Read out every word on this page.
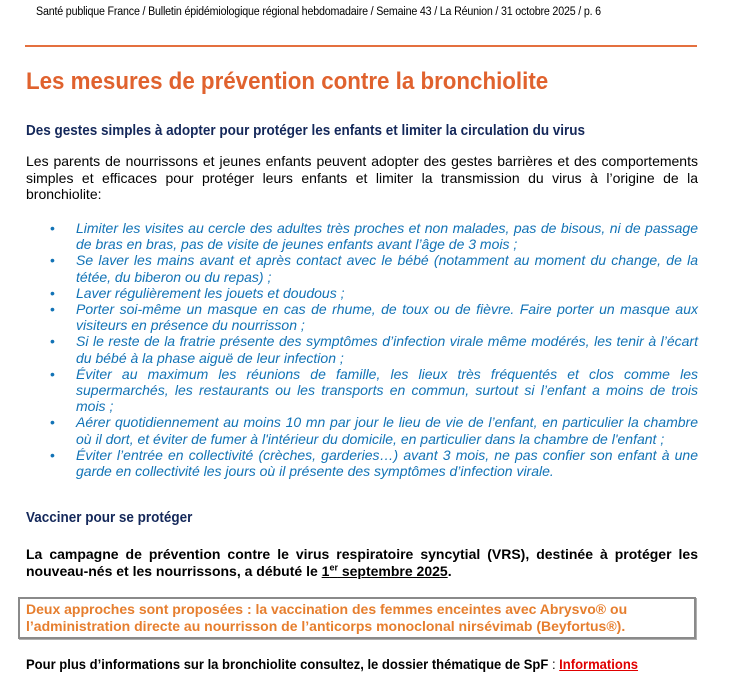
Santé publique France / Bulletin épidémiologique régional hebdomadaire / Semaine 43 / La Réunion / 31 octobre 2025 / p. 6
Les mesures de prévention contre la bronchiolite
Des gestes simples à adopter pour protéger les enfants et limiter la circulation du virus

Les parents de nourrissons et jeunes enfants peuvent adopter des gestes barrières et des comportements simples et efficaces pour protéger leurs enfants et limiter la transmission du virus à l’origine de la bronchiolite:

• Limiter les visites au cercle des adultes très proches et non malades, pas de bisous, ni de passage de bras en bras, pas de visite de jeunes enfants avant l’âge de 3 mois ;
• Se laver les mains avant et après contact avec le bébé (notamment au moment du change, de la tétée, du biberon ou du repas) ;
• Laver régulièrement les jouets et doudous ;
• Porter soi-même un masque en cas de rhume, de toux ou de fièvre. Faire porter un masque aux visiteurs en présence du nourrisson ;
• Si le reste de la fratrie présente des symptômes d’infection virale même modérés, les tenir à l’écart du bébé à la phase aiguë de leur infection ;
• Éviter au maximum les réunions de famille, les lieux très fréquentés et clos comme les supermarchés, les restaurants ou les transports en commun, surtout si l’enfant a moins de trois mois ;
• Aérer quotidiennement au moins 10 mn par jour le lieu de vie de l’enfant, en particulier la chambre où il dort, et éviter de fumer à l'intérieur du domicile, en particulier dans la chambre de l'enfant ;
• Éviter l’entrée en collectivité (crèches, garderies…) avant 3 mois, ne pas confier son enfant à une garde en collectivité les jours où il présente des symptômes d’infection virale.
Vacciner pour se protéger

La campagne de prévention contre le virus respiratoire syncytial (VRS), destinée à protéger les nouveau-nés et les nourrissons, a débuté le 1er septembre 2025.

Deux approches sont proposées : la vaccination des femmes enceintes avec Abrysvo® ou l’administration directe au nourrisson de l’anticorps monoclonal nirsévimab (Beyfortus®).

Pour plus d’informations sur la bronchiolite consultez, le dossier thématique de SpF : Informations
